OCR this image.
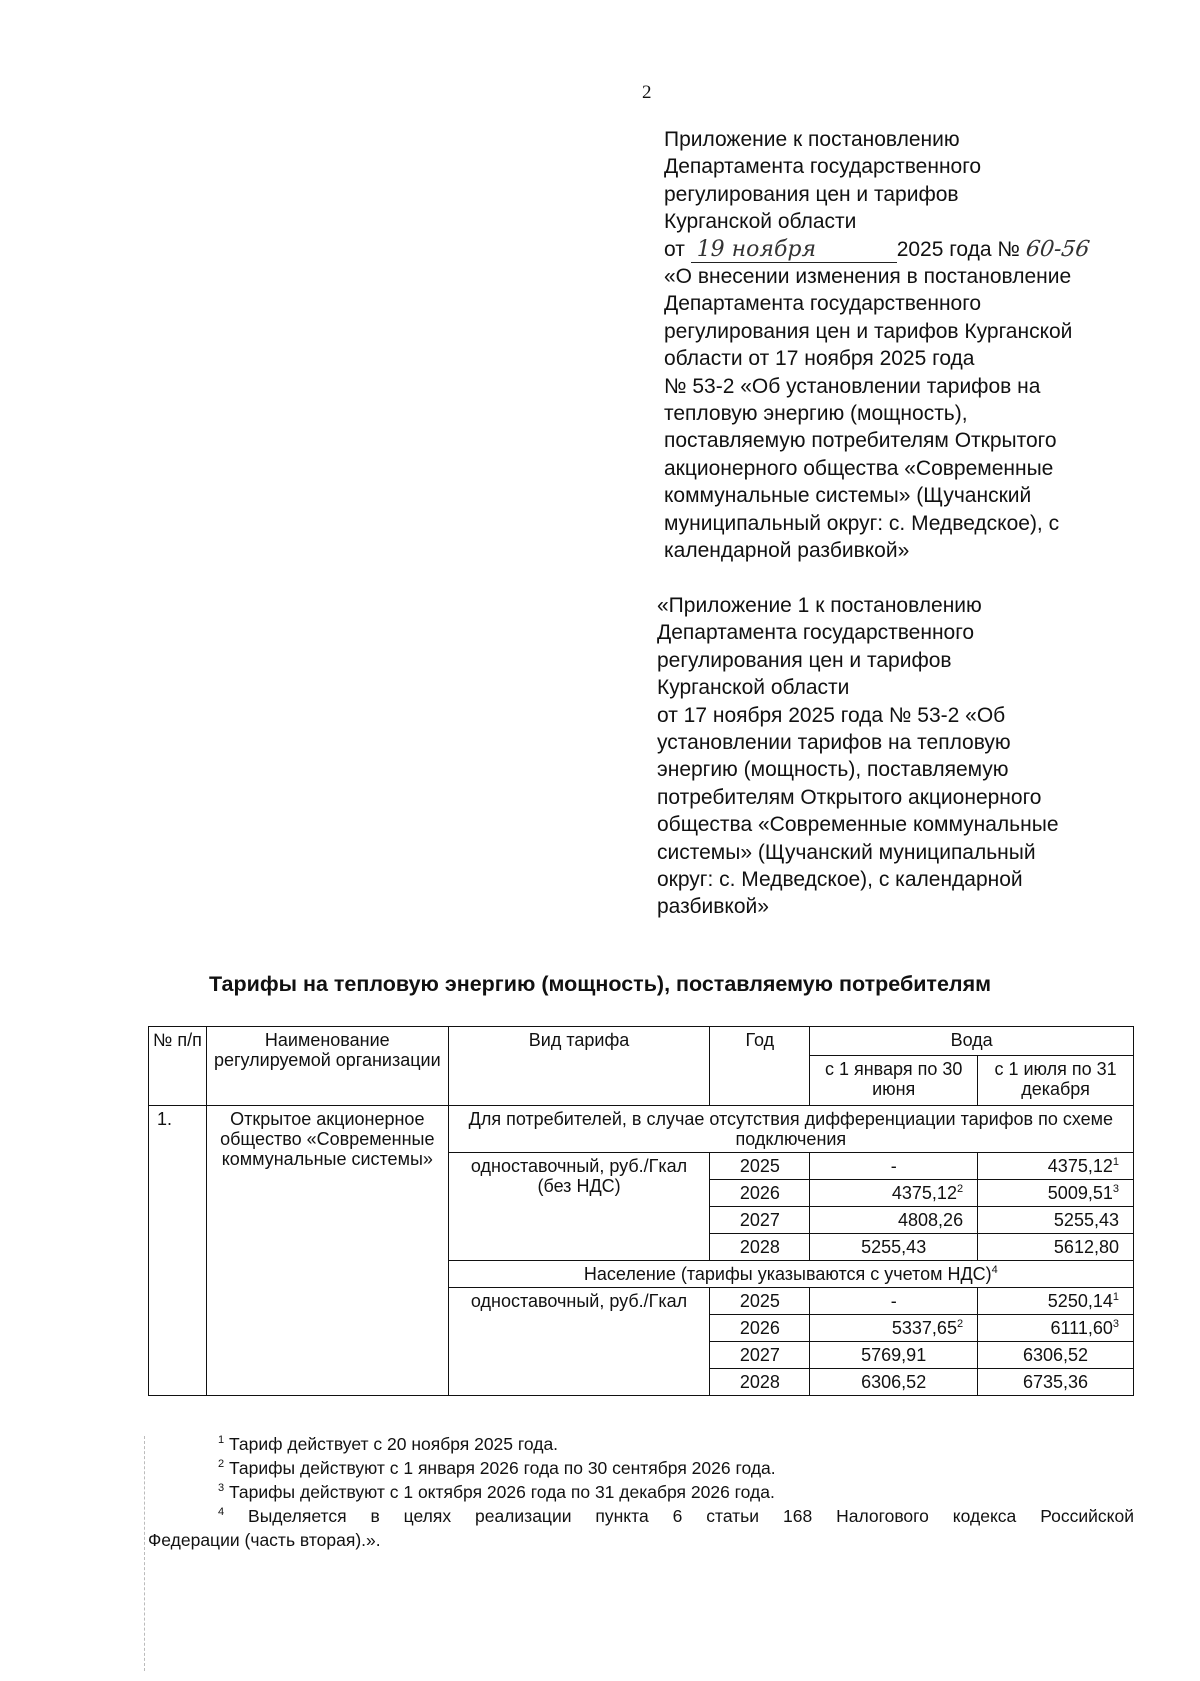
2
Приложение к постановлению
Департамента государственного
регулирования цен и тарифов
Курганской области
от 19 ноября	2025 года № 60-56
«О внесении изменения в постановление
Департамента государственного
регулирования цен и тарифов Курганской
области от 17 ноября 2025 года
№ 53-2 «Об установлении тарифов на
тепловую энергию (мощность),
поставляемую потребителям Открытого
акционерного общества «Современные
коммунальные системы» (Щучанский
муниципальный округ: с. Медведское), с
календарной разбивкой»
«Приложение 1 к постановлению
Департамента государственного
регулирования цен и тарифов
Курганской области
от 17 ноября 2025 года № 53-2 «Об
установлении тарифов на тепловую
энергию (мощность), поставляемую
потребителям Открытого акционерного
общества «Современные коммунальные
системы» (Щучанский муниципальный
округ: с. Медведское), с календарной
разбивкой»
Тарифы на тепловую энергию (мощность), поставляемую потребителям
№ п/п	Наименование регулируемой организации	Вид тарифа	Год	Вода	
				с 1 января по 30 июня	с 1 июля по 31 декабря
1.	Открытое акционерное общество «Современные коммунальные системы»	Для потребителей, в случае отсутствия дифференциации тарифов по схеме подключения			
		одноставочный, руб./Гкал (без НДС)	2025	-	4375,12$^1$
			2026	4375,12$^2$	5009,51$^3$
			2027	4808,26	5255,43
			2028	5255,43	5612,80
		Население (тарифы указываются с учетом НДС)$^4$
		одноставочный, руб./Гкал	2025	-	5250,14$^1$
			2026	5337,65$^2$	6111,60$^3$
			2027	5769,91	6306,52
			2028	6306,52	6735,36
$^1$ Тариф действует с 20 ноября 2025 года.
$^2$ Тарифы действуют с 1 января 2026 года по 30 сентября 2026 года.
$^3$ Тарифы действуют с 1 октября 2026 года по 31 декабря 2026 года.
$^4$ Выделяется в целях реализации пункта 6 статьи 168 Налогового кодекса Российской
Федерации (часть вторая).».
